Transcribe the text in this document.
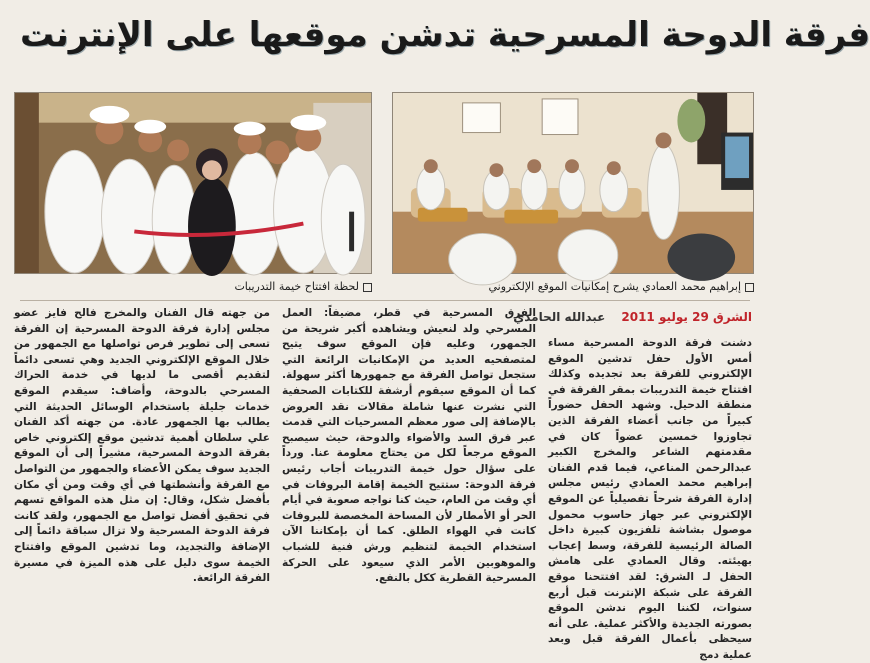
فرقة الدوحة المسرحية تدشن موقعها على الإنترنت
لحظة افتتاح خيمة التدريبات	إبراهيم محمد العمادي يشرح إمكانيات الموقع الإلكتروني
الشرق 29 يوليو 2011
عبدالله الحامدي

دشنت فرقة الدوحة المسرحية مساء أمس الأول حفل تدشين الموقع الإلكتروني للفرقة بعد تجديده وكذلك افتتاح خيمة التدريبات بمقر الفرقة في منطقة الدحيل. وشهد الحفل حضوراً كبيراً من جانب أعضاء الفرقة الذين تجاوزوا خمسين عضواً كان في مقدمتهم الشاعر والمخرج الكبير عبدالرحمن المناعي، فيما قدم الفنان إبراهيم محمد العمادي رئيس مجلس إدارة الفرقة شرحاً تفصيلياً عن الموقع الإلكتروني عبر جهاز حاسوب محمول موصول بشاشة تلفزيون كبيرة داخل الصالة الرئيسية للفرقة، وسط إعجاب بهيئته. وقال العمادي على هامش الحفل لـ الشرق: لقد افتتحنا موقع الفرقة على شبكة الإنترنت قبل أربع سنوات، لكننا اليوم ندشن الموقع بصورته الجديدة والأكثر عملية. على أنه سيحظى بأعمال الفرقة قبل وبعد عملية دمج

الفرق المسرحية في قطر، مضيفاً: العمل المسرحي ولد لنعيش ويشاهده أكبر شريحة من الجمهور، وعليه فإن الموقع سوف يتيح لمتصفحيه العديد من الإمكانيات الرائعة التي ستجعل تواصل الفرقة مع جمهورها أكثر سهولة. كما أن الموقع سيقوم أرشفة للكتابات الصحفية التي نشرت عنها شاملة مقالات نقد العروض بالإضافة إلى صور معظم المسرحيات التي قدمت عبر فرق السد والأضواء والدوحة، حيث سيصبح الموقع مرجعاً لكل من يحتاج معلومة عنا. ورداً على سؤال حول خيمة التدريبات أجاب رئيس فرقة الدوحة: ستتيح الخيمة إقامة البروفات في أي وقت من العام، حيث كنا نواجه صعوبة في أيام الحر أو الأمطار لأن المساحة المخصصة للبروفات كانت في الهواء الطلق. كما أن بإمكاننا الآن استخدام الخيمة لتنظيم ورش فنية للشباب والموهوبين الأمر الذي سيعود على الحركة المسرحية القطرية ككل بالنفع.

من جهته قال الفنان والمخرج فالح فايز عضو مجلس إدارة فرقة الدوحة المسرحية إن الفرقة تسعى إلى تطوير فرص تواصلها مع الجمهور من خلال الموقع الإلكتروني الجديد وهي تسعى دائماً لتقديم أقصى ما لديها في خدمة الحراك المسرحي بالدوحة، وأضاف: سيقدم الموقع خدمات جليلة باستخدام الوسائل الحديثة التي يطالب بها الجمهور عادة. من جهته أكد الفنان علي سلطان أهمية تدشين موقع إلكتروني خاص بفرقة الدوحة المسرحية، مشيراً إلى أن الموقع الجديد سوف يمكن الأعضاء والجمهور من التواصل مع الفرقة وأنشطتها في أي وقت ومن أي مكان بأفضل شكل، وقال: إن مثل هذه المواقع تسهم في تحقيق أفضل تواصل مع الجمهور، ولقد كانت فرقة الدوحة المسرحية ولا تزال سباقة دائماً إلى الإضافة والتجديد، وما تدشين الموقع وافتتاح الخيمة سوى دليل على هذه الميزة في مسيرة الفرقة الرائعة.
